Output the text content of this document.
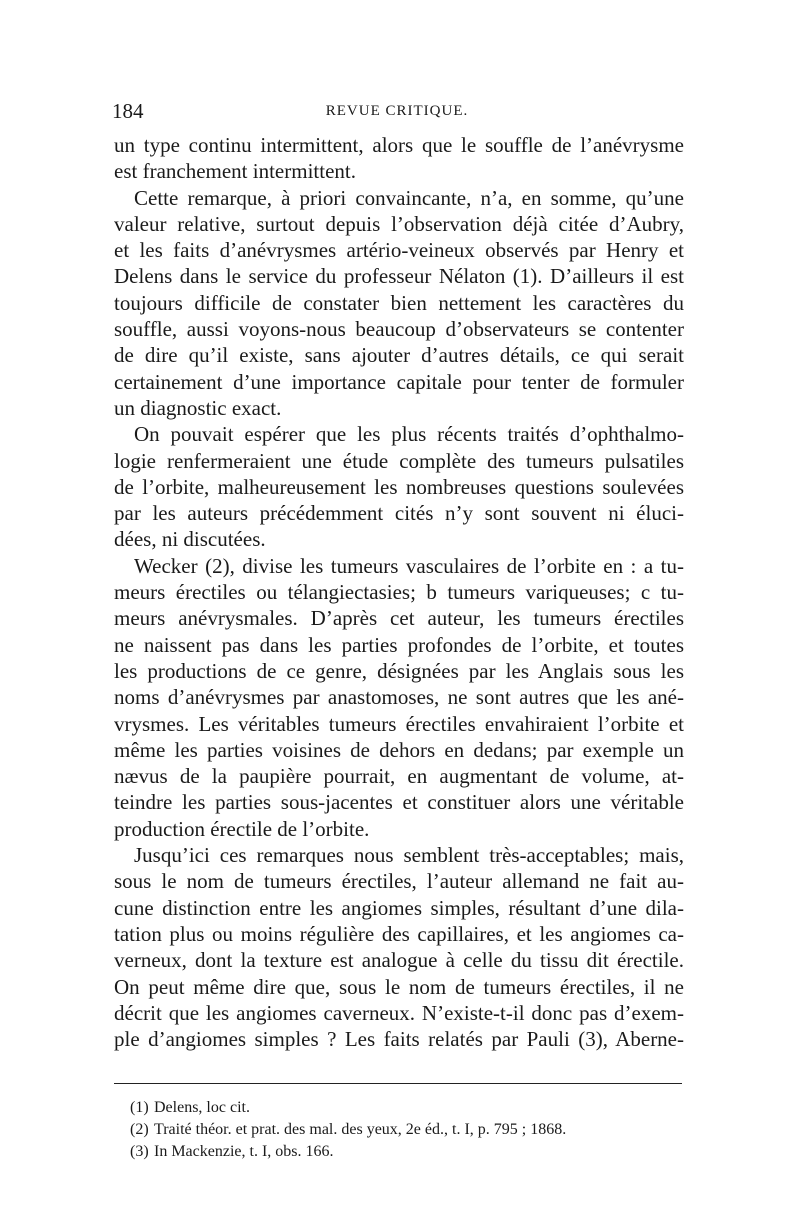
184	REVUE CRITIQUE.
un type continu intermittent, alors que le souffle de l’anévrysme
est franchement intermittent.
Cette remarque, à priori convaincante, n’a, en somme, qu’une
valeur relative, surtout depuis l’observation déjà citée d’Aubry,
et les faits d’anévrysmes artério-veineux observés par Henry et
Delens dans le service du professeur Nélaton (1). D’ailleurs il est
toujours difficile de constater bien nettement les caractères du
souffle, aussi voyons-nous beaucoup d’observateurs se contenter
de dire qu’il existe, sans ajouter d’autres détails, ce qui serait
certainement d’une importance capitale pour tenter de formuler
un diagnostic exact.
On pouvait espérer que les plus récents traités d’ophthalmo-
logie renfermeraient une étude complète des tumeurs pulsatiles
de l’orbite, malheureusement les nombreuses questions soulevées
par les auteurs précédemment cités n’y sont souvent ni éluci-
dées, ni discutées.
Wecker (2), divise les tumeurs vasculaires de l’orbite en : a tu-
meurs érectiles ou télangiectasies; b tumeurs variqueuses; c tu-
meurs anévrysmales. D’après cet auteur, les tumeurs érectiles
ne naissent pas dans les parties profondes de l’orbite, et toutes
les productions de ce genre, désignées par les Anglais sous les
noms d’anévrysmes par anastomoses, ne sont autres que les ané-
vrysmes. Les véritables tumeurs érectiles envahiraient l’orbite et
même les parties voisines de dehors en dedans; par exemple un
nævus de la paupière pourrait, en augmentant de volume, at-
teindre les parties sous-jacentes et constituer alors une véritable
production érectile de l’orbite.
Jusqu’ici ces remarques nous semblent très-acceptables; mais,
sous le nom de tumeurs érectiles, l’auteur allemand ne fait au-
cune distinction entre les angiomes simples, résultant d’une dila-
tation plus ou moins régulière des capillaires, et les angiomes ca-
verneux, dont la texture est analogue à celle du tissu dit érectile.
On peut même dire que, sous le nom de tumeurs érectiles, il ne
décrit que les angiomes caverneux. N’existe-t-il donc pas d’exem-
ple d’angiomes simples ? Les faits relatés par Pauli (3), Aberne-
(1) Delens, loc cit.
(2) Traité théor. et prat. des mal. des yeux, 2e éd., t. I, p. 795 ; 1868.
(3) In Mackenzie, t. I, obs. 166.
